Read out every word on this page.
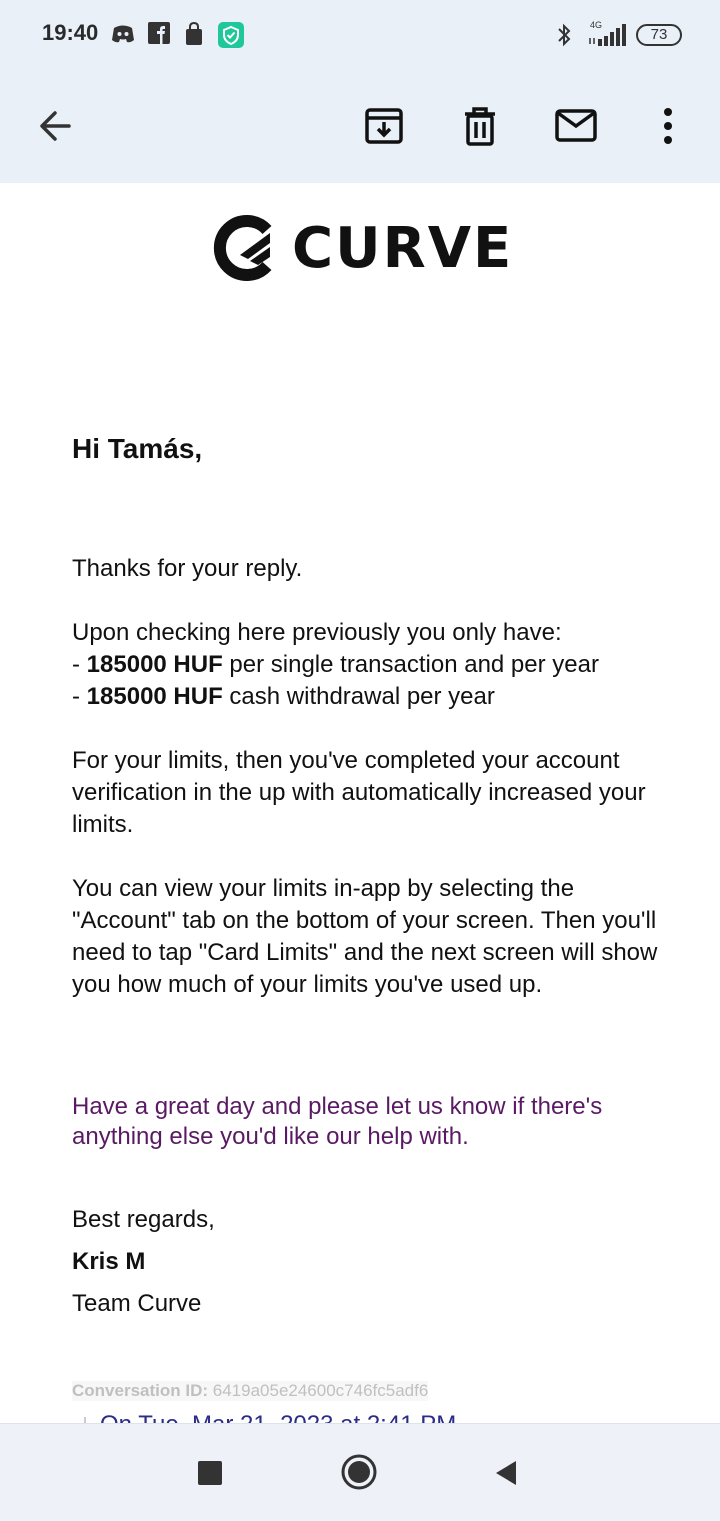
19:40	4G
73
CURVE
Hi Tamás,
Thanks for your reply.
Upon checking here previously you only have:
- 185000 HUF per single transaction and per year
- 185000 HUF cash withdrawal per year
For your limits, then you've completed your account verification in the up with automatically increased your limits.
You can view your limits in-app by selecting the "Account" tab on the bottom of your screen. Then you'll need to tap "Card Limits" and the next screen will show you how much of your limits you've used up.
Have a great day and please let us know if there's anything else you'd like our help with.
Best regards,
Kris M
Team Curve
Conversation ID: 6419a05e24600c746fc5adf6
